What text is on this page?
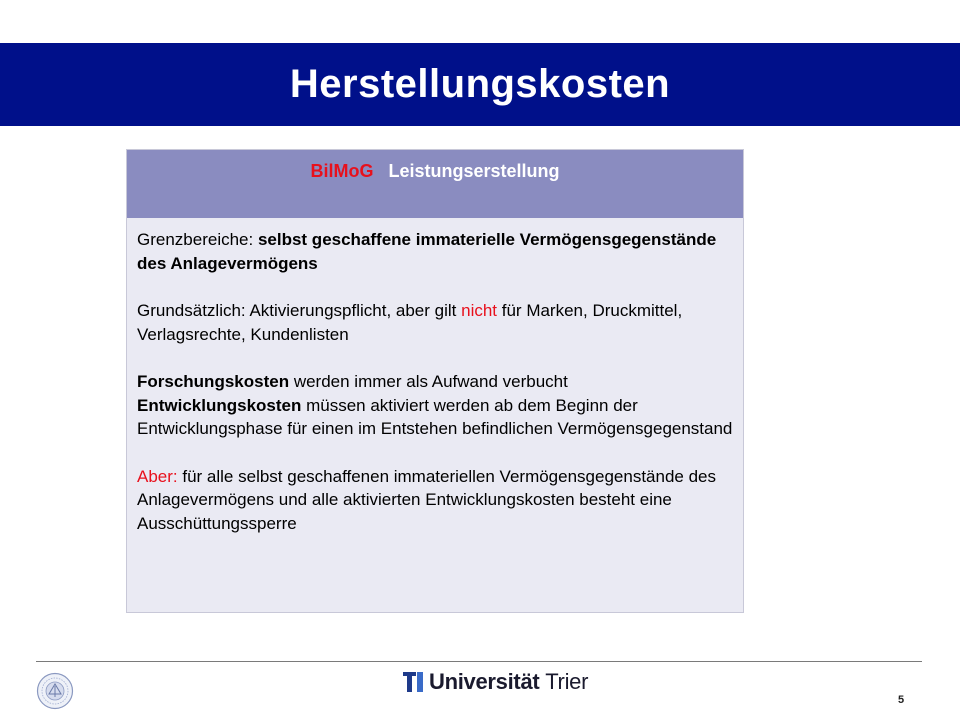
Herstellungskosten
BilMoG Leistungserstellung

Grenzbereiche: selbst geschaffene immaterielle Vermögensgegenstände des Anlagevermögens

Grundsätzlich: Aktivierungspflicht, aber gilt nicht für Marken, Druckmittel, Verlagsrechte, Kundenlisten

Forschungskosten werden immer als Aufwand verbucht
Entwicklungskosten müssen aktiviert werden ab dem Beginn der Entwicklungsphase für einen im Entstehen befindlichen Vermögensgegenstand

Aber: für alle selbst geschaffenen immateriellen Vermögensgegenstände des Anlagevermögens und alle aktivierten Entwicklungskosten besteht eine Ausschüttungssperre

Universität Trier
5
